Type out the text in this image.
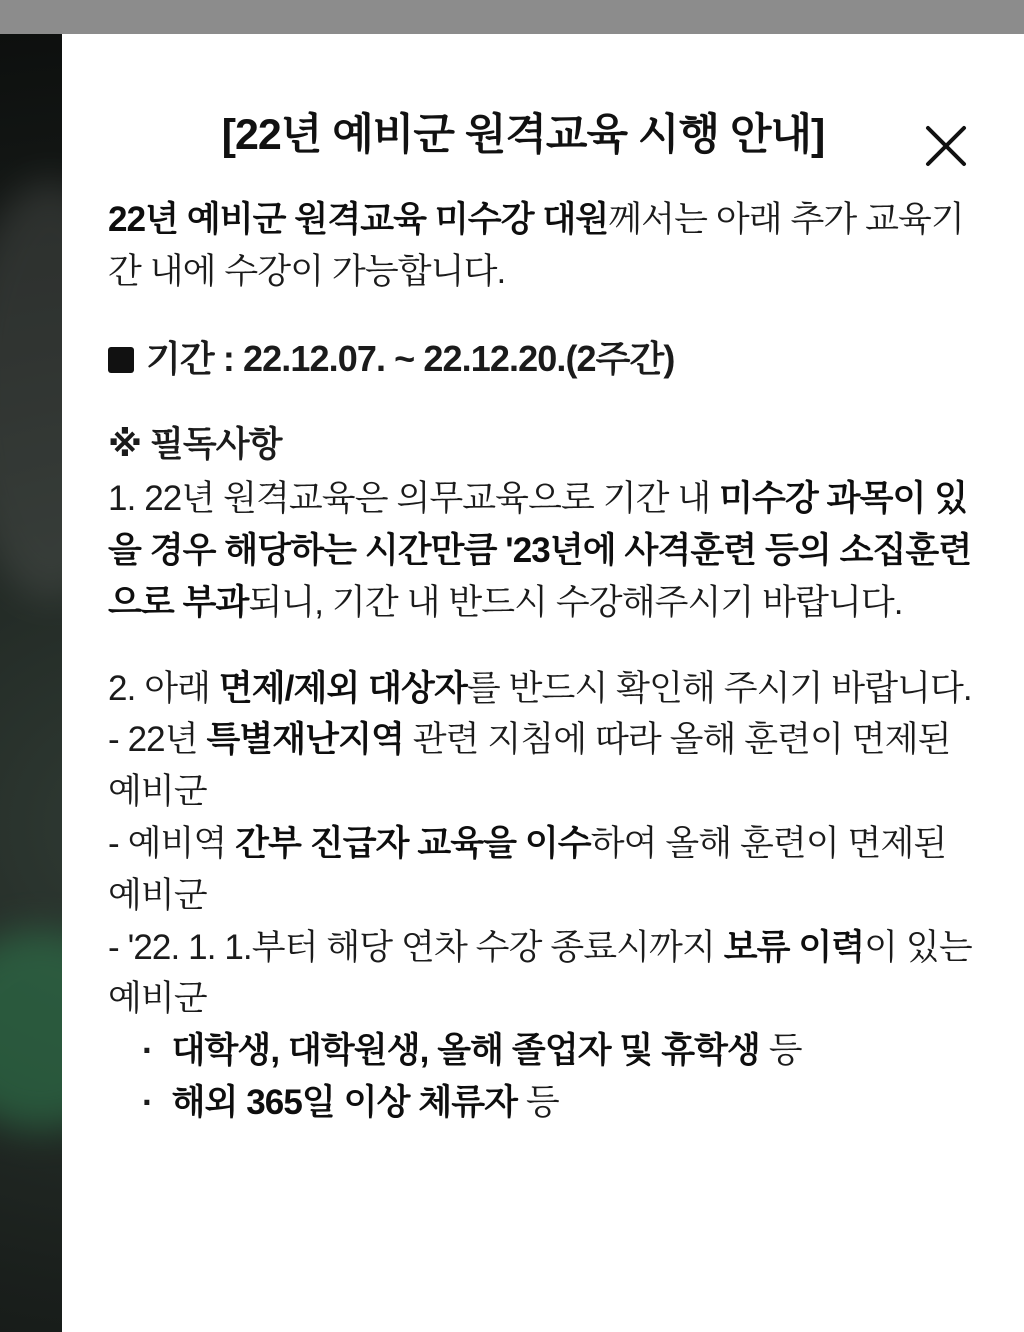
[22년 예비군 원격교육 시행 안내]

22년 예비군 원격교육 미수강 대원께서는 아래 추가 교육기간 내에 수강이 가능합니다.

기간 : 22.12.07. ~ 22.12.20.(2주간)

※ 필독사항

1. 22년 원격교육은 의무교육으로 기간 내 미수강 과목이 있을 경우 해당하는 시간만큼 '23년에 사격훈련 등의 소집훈련으로 부과되니, 기간 내 반드시 수강해주시기 바랍니다.

2. 아래 면제/제외 대상자를 반드시 확인해 주시기 바랍니다.

- 22년 특별재난지역 관련 지침에 따라 올해 훈련이 면제된 예비군

- 예비역 간부 진급자 교육을 이수하여 올해 훈련이 면제된 예비군

- '22. 1. 1.부터 해당 연차 수강 종료시까지 보류 이력이 있는 예비군

· 대학생, 대학원생, 올해 졸업자 및 휴학생 등

· 해외 365일 이상 체류자 등
